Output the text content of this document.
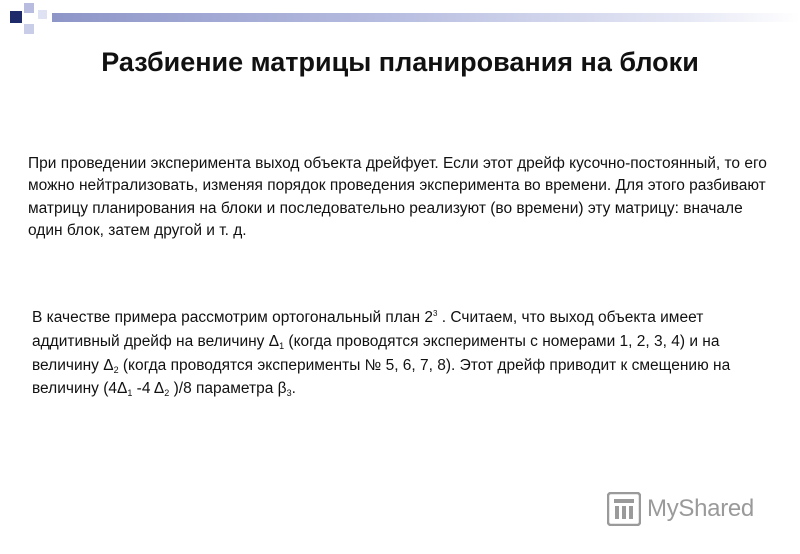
Разбиение матрицы планирования на блоки
При проведении эксперимента выход объекта дрейфует. Если этот дрейф кусочно-постоянный, то его можно нейтрализовать, изменяя порядок проведения эксперимента во времени. Для этого разбивают матрицу планирования на блоки и последовательно реализуют (во времени) эту матрицу: вначале один блок, затем другой и т. д.
В качестве примера рассмотрим ортогональный план $2^3$ . Считаем, что выход объекта имеет аддитивный дрейф на величину Δ1 (когда проводятся эксперименты с номерами 1, 2, 3, 4) и на величину Δ2 (когда проводятся эксперименты № 5, 6, 7, 8). Этот дрейф приводит к смещению на величину (4Δ1 -4 Δ2 )/8 параметра β3.
MyShared
